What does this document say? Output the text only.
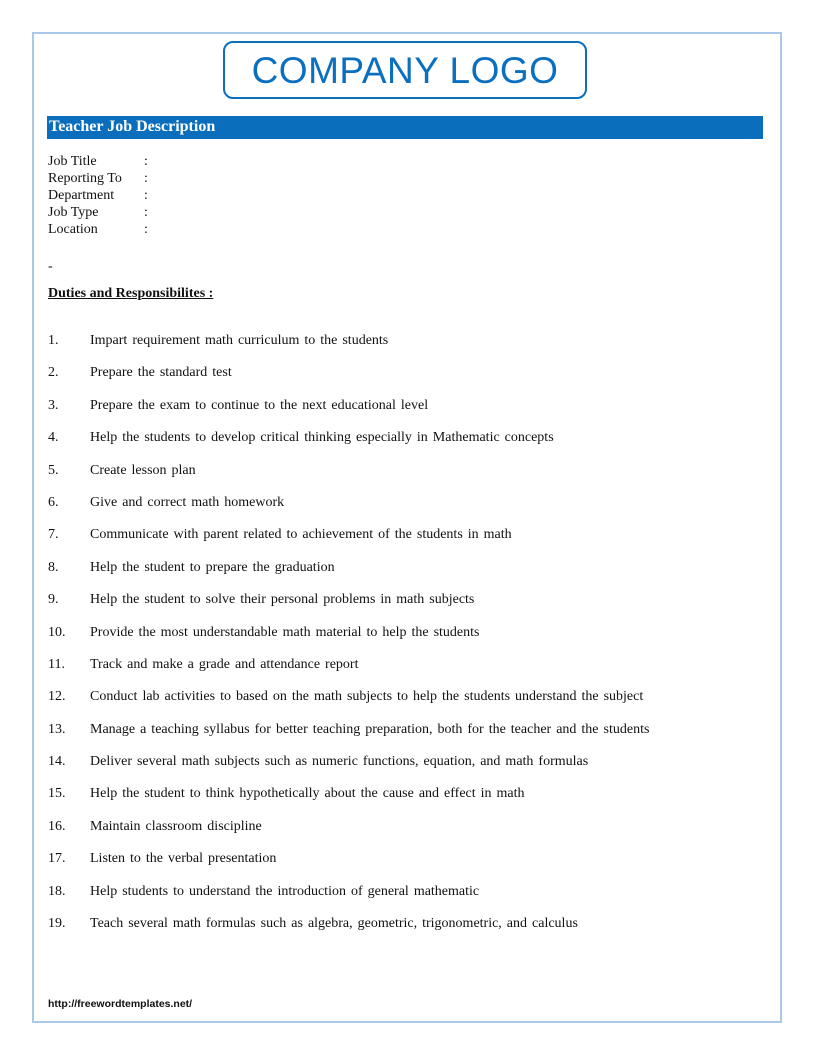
COMPANY LOGO
Teacher Job Description
Job Title	:
Reporting To	:
Department	:
Job Type	:
Location	:
-
Duties and Responsibilites :
1.	Impart requirement math curriculum to the students
2.	Prepare the standard test
3.	Prepare the exam to continue to the next educational level
4.	Help the students to develop critical thinking especially in Mathematic concepts
5.	Create lesson plan
6.	Give and correct math homework
7.	Communicate with parent related to achievement of the students in math
8.	Help the student to prepare the graduation
9.	Help the student to solve their personal problems in math subjects
10.	Provide the most understandable math material to help the students
11.	Track and make a grade and attendance report
12.	Conduct lab activities to based on the math subjects to help the students understand the subject
13.	Manage a teaching syllabus for better teaching preparation, both for the teacher and the students
14.	Deliver several math subjects such as numeric functions, equation, and math formulas
15.	Help the student to think hypothetically about the cause and effect in math
16.	Maintain classroom discipline
17.	Listen to the verbal presentation
18.	Help students to understand the introduction of general mathematic
19.	Teach several math formulas such as algebra, geometric, trigonometric, and calculus
http://freewordtemplates.net/
